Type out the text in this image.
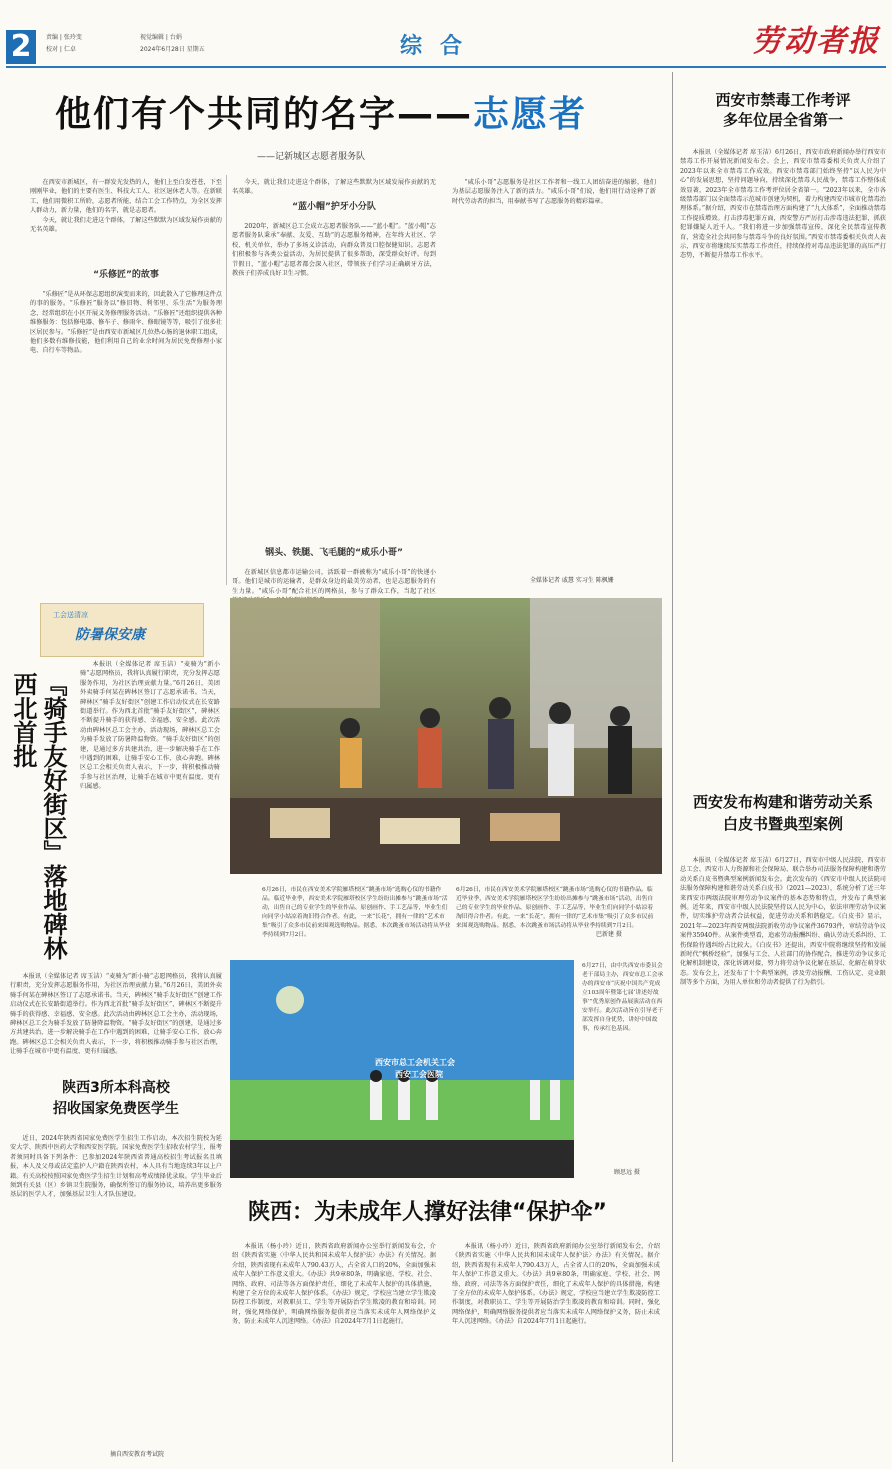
2	责编 | 张玲变
校对 | 仁卓
视觉编辑 | 台娟
2024年6月28日 星期五	综合	劳动者报
他们有个共同的名字——志愿者
——记新城区志愿者服务队

在西安市新城区，有一群发光发热的人，他们上至白发苍苍，下至刚刚毕业，他们的主要有医生、科技大工人、社区退休老人等。在新联工，他们用微积工所聆，志愿者所能，结合工会工作特点，为全区发挥人群动力，新力量，他们的名字，就是志愿者。

今天，就让我们走进这个群体，了解这些默默为区域发展作贡献的无名英雄。

“乐修匠”的故事

“乐修匠”是从环保志愿组织演变而来的，因此散入了它修理这件点的事的服务。“乐修匠”服务以“修旧物、利邻里、乐生活”为服务理念，经常组织在小区开展义务修理服务活动。“乐修匠”还组织提供各种维修服务：包括修电器、修车子、修雨伞、修眼镜等等，吸引了很多社区居民参与。“乐修匠”是由西安市新城区几位热心肠的退休职工组成，他们多数有维修技能，他们利用自己的业余时间为居民免费修理小家电、自行车等物品。

今天，就让我们走进这个群体，了解这些默默为区域发展作贡献的无名英雄。

“蓝小帽”护牙小分队

2020年，新城区总工会成立志愿者服务队——“蓝小帽”。“蓝小帽”志愿者服务队秉承“奉献、友爱、互助”的志愿服务精神，在年终大社区、学校、机关单位，举办了多场义诊活动，向群众普及口腔保健知识。志愿者们积极参与各类公益活动，为居民提供了很多帮助，深受群众好评。每到节假日，“蓝小帽”志愿者都会深入社区，带领孩子们学习正确刷牙方法，教孩子们养成良好卫生习惯。

钢头、铁腿、飞毛腿的“咸乐小哥”

在新城区信息都市运输公司，活跃着一群被称为“咸乐小哥”的快递小哥。他们是城市的运输者，是群众身边的最美劳动者，也是志愿服务的有生力量。“咸乐小哥”配合社区的网格员，参与了群众工作，当起了社区

“咸乐小哥”志愿服务是社区工作者和一线工人团结奋进的缩影，他们为基层志愿服务注入了新的活力。“咸乐小哥”们说，他们用行动诠释了新时代劳动者的担当，用奉献书写了志愿服务的精彩篇章。

全媒体记者 戚慧 实习生 陈枫姗
西安市禁毒工作考评
多年位居全省第一

本报讯（全媒体记者 席玉洁）6月26日，西安市政府新闻办举行西安市禁毒工作开展情况新闻发布会。会上，西安市禁毒委相关负责人介绍了2023年以来全市禁毒工作成效。西安市禁毒部门始终坚持“以人民为中心”的发展思想，坚持问题导向，持续深化禁毒人民战争，禁毒工作整体成效显著，2023年全市禁毒工作考评位居全省第一。“2023年以来，全市各级禁毒部门以全面禁毒示范城市创建为契机，着力构建西安市城市化禁毒治理体系。”据介绍，西安市在禁毒治理方面构建了“九大体系”，全面推动禁毒工作提质增效。打击涉毒犯罪方面，西安警方严厉打击涉毒违法犯罪，抓获犯罪嫌疑人近千人。“我们将进一步加强禁毒宣传，深化全民禁毒宣传教育，营造全社会共同参与禁毒斗争的良好氛围。”西安市禁毒委相关负责人表示，西安市将继续压实禁毒工作责任，持续保持对毒品违法犯罪的高压严打态势，不断提升禁毒工作水平。

西安发布构建和谐劳动关系
白皮书暨典型案例

本报讯（全媒体记者 席玉洁）6月27日，西安市中级人民法院、西安市总工会、西安市人力资源和社会保障局、联合举办司法服务保障构建和谐劳动关系白皮书暨典型案例新闻发布会。此次发布的《西安市中级人民法院司法服务保障构建和谐劳动关系白皮书》（2021—2023），系统分析了近三年来西安市两级法院审理劳动争议案件的基本态势和特点，并发布了典型案例。近年来，西安市中级人民法院坚持以人民为中心，依法审理劳动争议案件，切实维护劳动者合法权益，促进劳动关系和谐稳定。《白皮书》显示，2021年—2023年西安两级法院新收劳动争议案件36793件，审结劳动争议案件35940件。从案件类型看，追索劳动报酬纠纷、确认劳动关系纠纷、工伤保险待遇纠纷占比较大。《白皮书》还提出，西安中院将继续坚持和发展新时代“枫桥经验”，加强与工会、人社部门的协作配合，推进劳动争议多元化解机制建设，深化诉调对接，努力将劳动争议化解在基层、化解在萌芽状态。发布会上，还发布了十个典型案例，涉及劳动报酬、工伤认定、竞业限制等多个方面，为用人单位和劳动者提供了行为指引。

工会送清凉
防暑保安康
『骑手友好街区』落地碑林
西北首批

本报讯（全媒体记者 席玉洁）“麦骑为”新小骑“志愿网格员，我将认真履行职责，充分发挥志愿服务作用，为社区治理贡献力量。”6月26日，美团外卖骑手何某在碑林区签订了志愿承诺书。当天，碑林区“骑手友好街区”创建工作启动仪式在长安路街道举行。作为西北首批“骑手友好街区”，碑林区不断提升骑手的获得感、幸福感、安全感。此次活动由碑林区总工会主办，活动现场，碑林区总工会为骑手发放了防暑降温物资。“骑手友好街区”的创建，是通过多方共建共治，进一步解决骑手在工作中遇到的困难，让骑手安心工作、放心奔跑。碑林区总工会相关负责人表示，下一步，将积极推动骑手参与社区治理，让骑手在城市中更有温度、更有归属感。

本报讯（全媒体记者 席玉洁）“麦骑为”新小骑“志愿网格员，我将认真履行职责，充分发挥志愿服务作用，为社区治理贡献力量。”6月26日，美团外卖骑手何某在碑林区签订了志愿承诺书。当天，碑林区“骑手友好街区”创建工作启动仪式在长安路街道举行。作为西北首批“骑手友好街区”，碑林区不断提升骑手的获得感、幸福感、安全感。此次活动由碑林区总工会主办，活动现场，碑林区总工会为骑手发放了防暑降温物资。“骑手友好街区”的创建，是通过多方共建共治，进一步解决骑手在工作中遇到的困难，让骑手安心工作、放心奔跑。碑林区总工会相关负责人表示，下一步，将积极推动骑手参与社区治理，让骑手在城市中更有温度、更有归属感。

陕西3所本科高校
招收国家免费医学生

近日，2024年陕西省国家免费医学生招生工作启动，本次招生院校为延安大学、陕西中医药大学和西安医学院。国家免费医学生招收农村学生，报考者须同时具备下列条件：已参加2024年陕西省普通高校招生考试报名且填报，本人及父母或法定监护人户籍在陕西农村，本人具有当地连续3年以上户籍。有关高校按照国家免费医学生招生计划和高考成绩择优录取。学生毕业后须到有关县（区）乡镇卫生院服务，确保所签订的服务协议，培养出更多服务基层的医学人才，加强基层卫生人才队伍建设。

摘自西安教育考试院
6月26日，市民在西安美术学院雁塔校区“跳蚤市场”选购心仪的书籍作品。临近毕业季，西安美术学院雁塔校区学生纷纷出摊参与“跳蚤市场”活动，出售自己的专业学生的毕业作品、原创画作、手工艺品等，毕业生们向同学小姑凉着淘旧得合作者。有此，一来“长花”，拥有一律的“艺术市集”吸引了众多市民前来围观选购物品。据悉，本次跳蚤市场活动将从毕业季持续到7月2日。
6月26日，市民在西安美术学院雁塔校区“跳蚤市场”选购心仪的书籍作品。临近毕业季，西安美术学院雁塔校区学生纷纷出摊参与“跳蚤市场”活动，出售自己的专业学生的毕业作品、原创画作、手工艺品等，毕业生们向同学小姑凉着淘旧得合作者。有此，一来“长花”，拥有一律的“艺术市集”吸引了众多市民前来围观选购物品。据悉，本次跳蚤市场活动将从毕业季持续到7月2日。
巴新建 摄
西安市总工会机关工会
西安工会医院
6月27日，由中共西安市委员会老干部局主办，西安市总工会承办的西安市“庆祝中国共产党成立103周年暨第七届‘讲述好故事’”优秀原创作品展演活动在西安举行。此次活动旨在引导老干部发挥自身优势，讲好中国故事，传承红色基因。
顾思远 摄
陕西：为未成年人撑好法律“保护伞”

本报讯（杨小玲）近日，陕西省政府新闻办公室举行新闻发布会，介绍《陕西省实施〈中华人民共和国未成年人保护法〉办法》有关情况。据介绍，陕西省现有未成年人790.43万人，占全省人口的20%，全面加强未成年人保护工作意义重大。《办法》共9章80条，明确家庭、学校、社会、网络、政府、司法等各方面保护责任，细化了未成年人保护的具体措施，构建了全方位的未成年人保护体系。《办法》规定，学校应当建立学生欺凌防控工作制度，对教职员工、学生等开展防治学生欺凌的教育和培训。同时，强化网络保护，明确网络服务提供者应当落实未成年人网络保护义务，防止未成年人沉迷网络。《办法》自2024年7月1日起施行。

本报讯（杨小玲）近日，陕西省政府新闻办公室举行新闻发布会，介绍《陕西省实施〈中华人民共和国未成年人保护法〉办法》有关情况。据介绍，陕西省现有未成年人790.43万人，占全省人口的20%，全面加强未成年人保护工作意义重大。《办法》共9章80条，明确家庭、学校、社会、网络、政府、司法等各方面保护责任，细化了未成年人保护的具体措施，构建了全方位的未成年人保护体系。《办法》规定，学校应当建立学生欺凌防控工作制度，对教职员工、学生等开展防治学生欺凌的教育和培训。同时，强化网络保护，明确网络服务提供者应当落实未成年人网络保护义务，防止未成年人沉迷网络。《办法》自2024年7月1日起施行。
